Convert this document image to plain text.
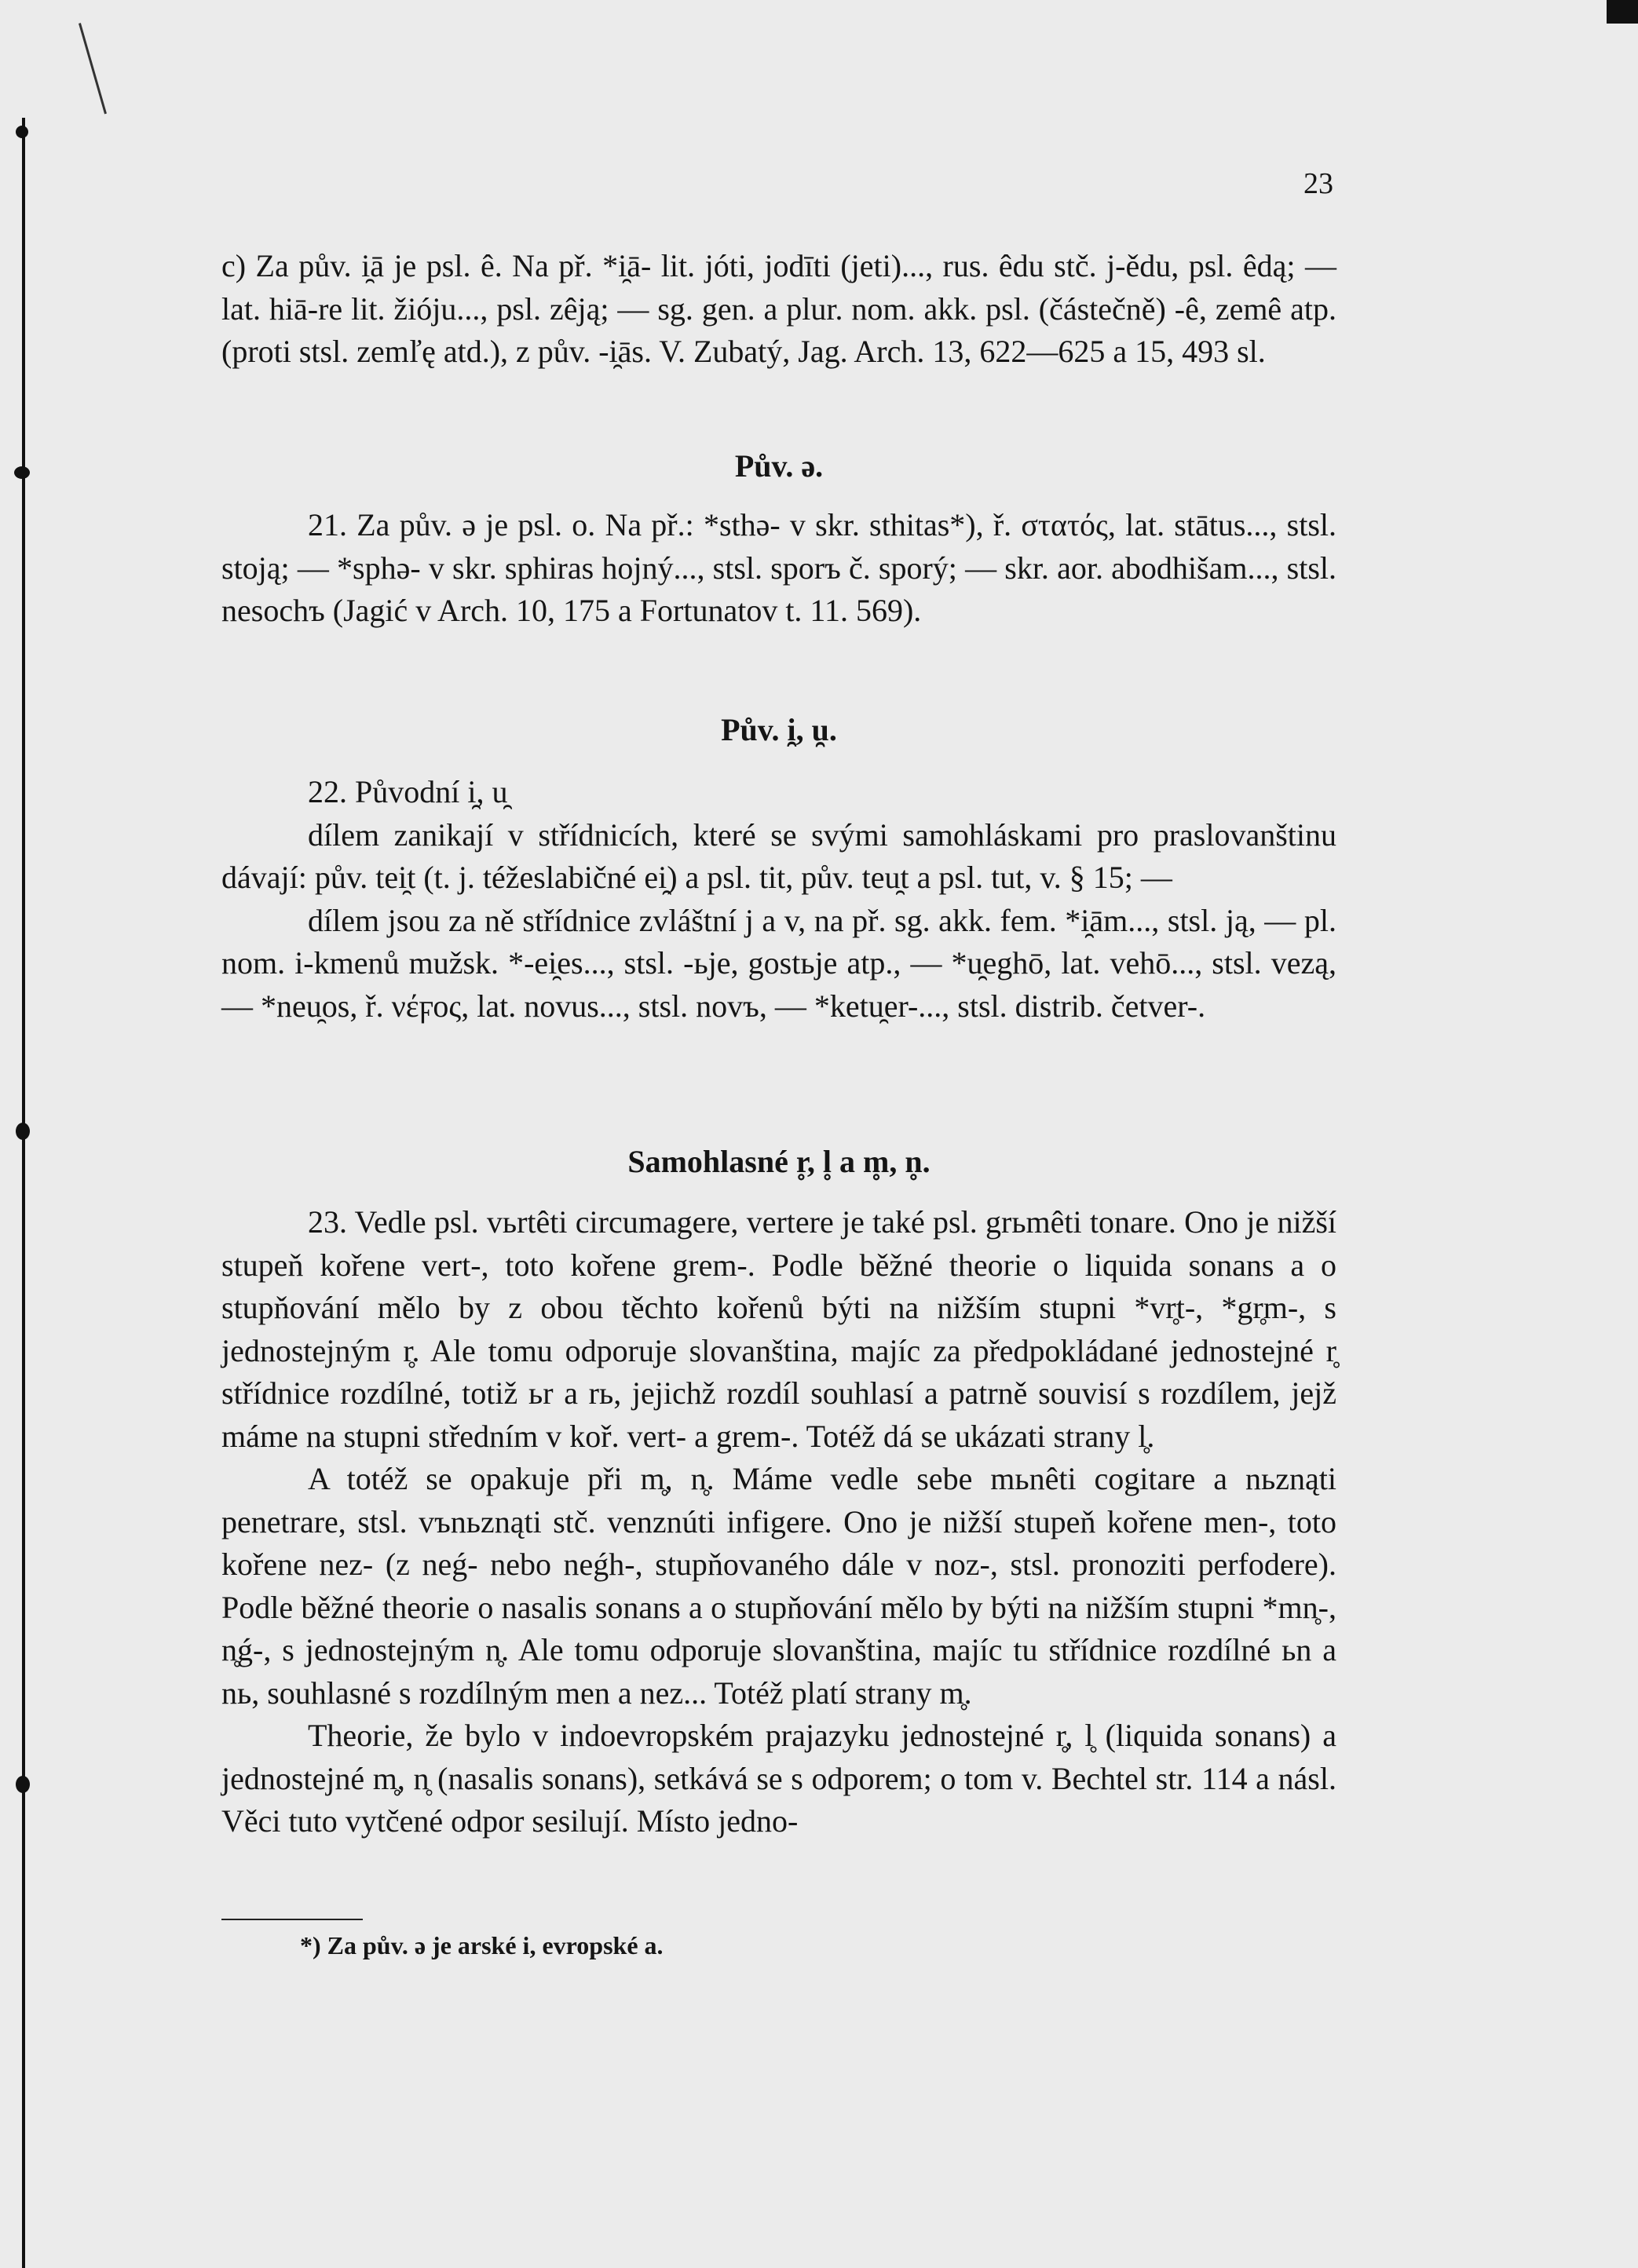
23

c) Za pův. i̯ā je psl. ê. Na př. *i̯ā- lit. jóti, jodīti (jeti)..., rus. êdu stč. j-ědu, psl. êdą; — lat. hiā-re lit. žióju..., psl. zêją; — sg. gen. a plur. nom. akk. psl. (částečně) -ê, zemê atp. (proti stsl. zemľę atd.), z pův. -i̯ās. V. Zubatý, Jag. Arch. 13, 622—625 a 15, 493 sl.

Pův. ə.

21. Za pův. ə je psl. o. Na př.: *sthə- v skr. sthitas*), ř. στατός, lat. stātus..., stsl. stoją; — *sphə- v skr. sphiras hojný..., stsl. sporъ č. sporý; — skr. aor. abodhišam..., stsl. nesochъ (Jagić v Arch. 10, 175 a Fortunatov t. 11. 569).

Pův. i̯, u̯.

22. Původní i̯, u̯

dílem zanikají v střídnicích, které se svými samohláskami pro praslovanštinu dávají: pův. tei̯t (t. j. téžeslabičné ei̯) a psl. tit, pův. teu̯t a psl. tut, v. § 15; —

dílem jsou za ně střídnice zvláštní j a v, na př. sg. akk. fem. *i̯ām..., stsl. ją, — pl. nom. i-kmenů mužsk. *-ei̯es..., stsl. -ьje, gostьje atp., — *u̯eghō, lat. vehō..., stsl. vezą, — *neu̯os, ř. νέϝος, lat. novus..., stsl. novъ, — *ketu̯er-..., stsl. distrib. četver-.

Samohlasné r̥, l̥ a m̥, n̥.

23. Vedle psl. vьrtêti circumagere, vertere je také psl. grьmêti tonare. Ono je nižší stupeň kořene vert-, toto kořene grem-. Podle běžné theorie o liquida sonans a o stupňování mělo by z obou těchto kořenů býti na nižším stupni *vr̥t-, *gr̥m-, s jednostejným r̥. Ale tomu odporuje slovanština, majíc za předpokládané jednostejné r̥ střídnice rozdílné, totiž ьr a rь, jejichž rozdíl souhlasí a patrně souvisí s rozdílem, jejž máme na stupni středním v koř. vert- a grem-. Totéž dá se ukázati strany l̥.

A totéž se opakuje při m̥, n̥. Máme vedle sebe mьnêti cogitare a nьznąti penetrare, stsl. vъnьznąti stč. venznúti infigere. Ono je nižší stupeň kořene men-, toto kořene nez- (z neǵ- nebo neǵh-, stupňovaného dále v noz-, stsl. pronoziti perfodere). Podle běžné theorie o nasalis sonans a o stupňování mělo by býti na nižším stupni *mn̥-, n̥ǵ-, s jednostejným n̥. Ale tomu odporuje slovanština, majíc tu střídnice rozdílné ьn a nь, souhlasné s rozdílným men a nez... Totéž platí strany m̥.

Theorie, že bylo v indoevropském prajazyku jednostejné r̥, l̥ (liquida sonans) a jednostejné m̥, n̥ (nasalis sonans), setkává se s odporem; o tom v. Bechtel str. 114 a násl. Věci tuto vytčené odpor sesilují. Místo jedno-

*) Za pův. ə je arské i, evropské a.
